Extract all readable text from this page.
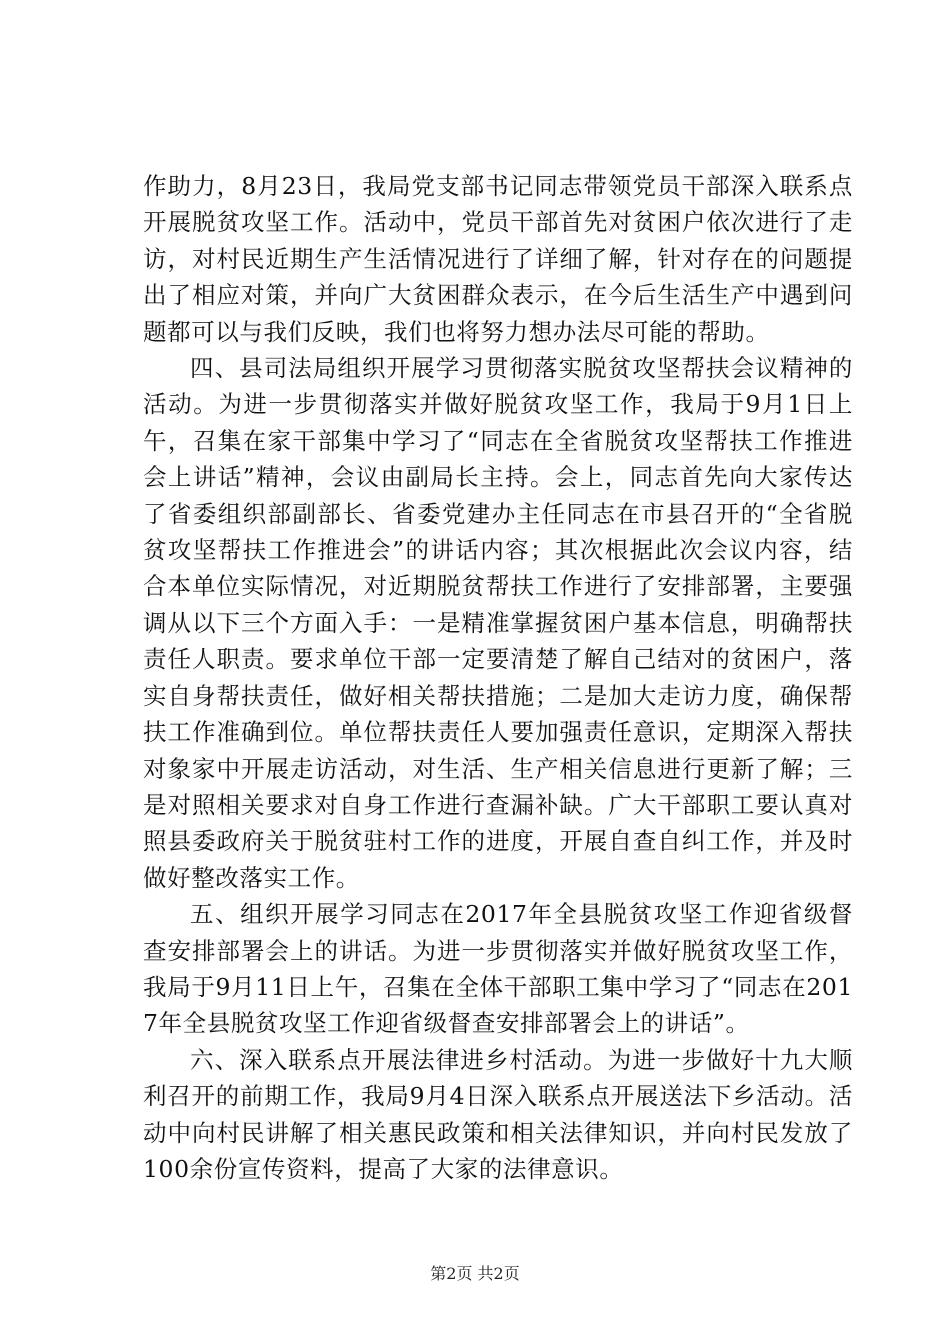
作助力，8月23日，我局党支部书记同志带领党员干部深入联系点开展脱贫攻坚工作。活动中，党员干部首先对贫困户依次进行了走访，对村民近期生产生活情况进行了详细了解，针对存在的问题提出了相应对策，并向广大贫困群众表示，在今后生活生产中遇到问题都可以与我们反映，我们也将努力想办法尽可能的帮助。

四、县司法局组织开展学习贯彻落实脱贫攻坚帮扶会议精神的活动。为进一步贯彻落实并做好脱贫攻坚工作，我局于9月1日上午，召集在家干部集中学习了“同志在全省脱贫攻坚帮扶工作推进会上讲话”精神，会议由副局长主持。会上，同志首先向大家传达了省委组织部副部长、省委党建办主任同志在市县召开的“全省脱贫攻坚帮扶工作推进会”的讲话内容；其次根据此次会议内容，结合本单位实际情况，对近期脱贫帮扶工作进行了安排部署，主要强调从以下三个方面入手：一是精准掌握贫困户基本信息，明确帮扶责任人职责。要求单位干部一定要清楚了解自己结对的贫困户，落实自身帮扶责任，做好相关帮扶措施；二是加大走访力度，确保帮扶工作准确到位。单位帮扶责任人要加强责任意识，定期深入帮扶对象家中开展走访活动，对生活、生产相关信息进行更新了解；三是对照相关要求对自身工作进行查漏补缺。广大干部职工要认真对照县委政府关于脱贫驻村工作的进度，开展自查自纠工作，并及时做好整改落实工作。

五、组织开展学习同志在2017年全县脱贫攻坚工作迎省级督查安排部署会上的讲话。为进一步贯彻落实并做好脱贫攻坚工作，我局于9月11日上午，召集在全体干部职工集中学习了“同志在2017年全县脱贫攻坚工作迎省级督查安排部署会上的讲话”。

六、深入联系点开展法律进乡村活动。为进一步做好十九大顺利召开的前期工作，我局9月4日深入联系点开展送法下乡活动。活动中向村民讲解了相关惠民政策和相关法律知识，并向村民发放了100余份宣传资料，提高了大家的法律意识。

第2页 共2页
